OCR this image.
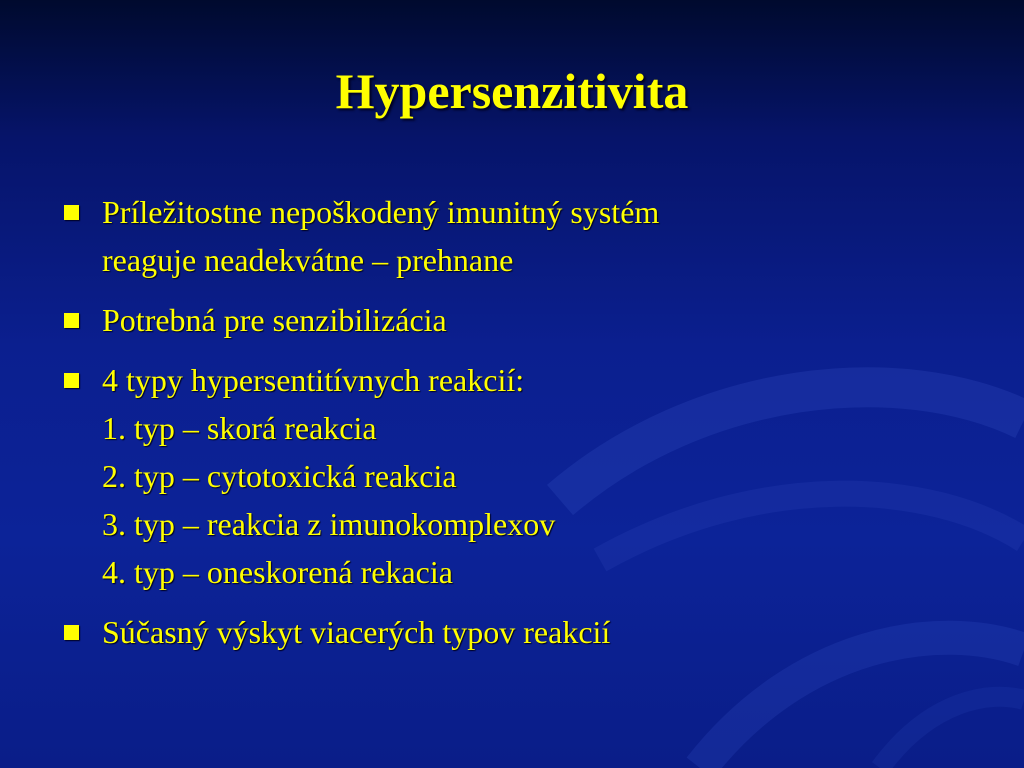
Hypersenzitivita
Príležitostne nepoškodený imunitný systém
reaguje neadekvátne – prehnane
Potrebná pre senzibilizácia
4 typy hypersentitívnych reakcií:
1. typ – skorá reakcia
2. typ – cytotoxická reakcia
3. typ – reakcia z imunokomplexov
4. typ – oneskorená rekacia
Súčasný výskyt viacerých typov reakcií
